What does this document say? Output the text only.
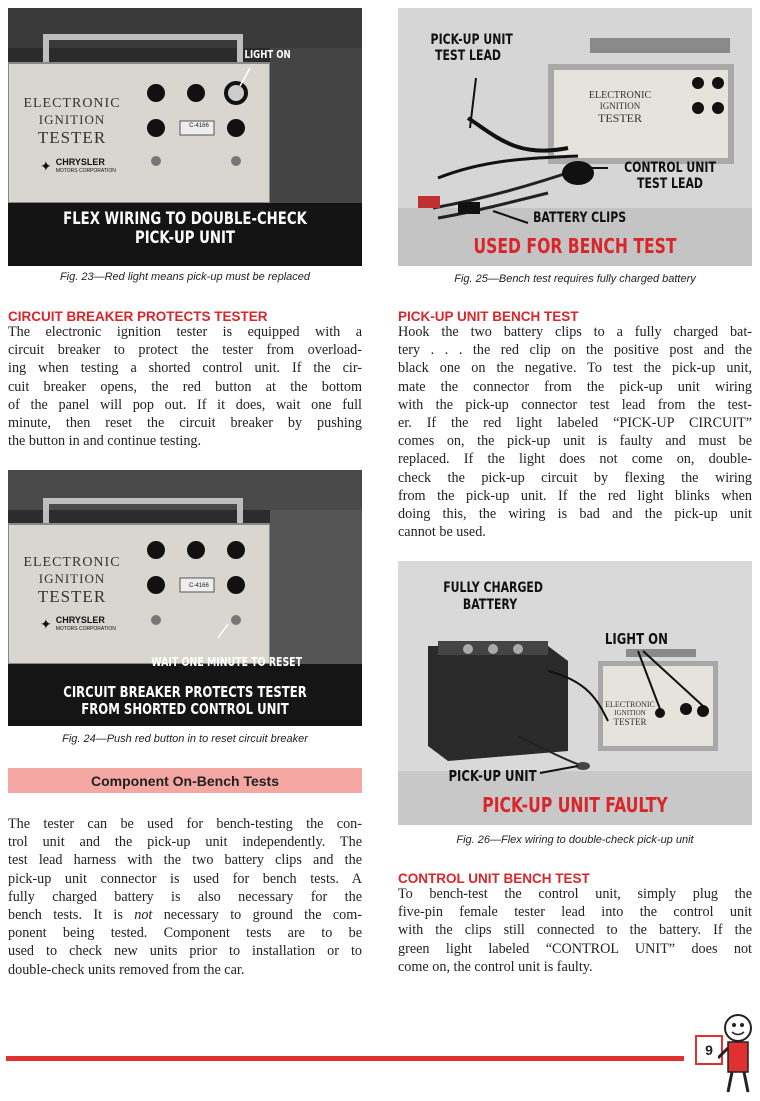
ELECTRONIC
IGNITION
TESTER
✦ CHRYSLER
MOTORS CORPORATION
C-4166
LIGHT ON
FLEX WIRING TO DOUBLE-CHECK
PICK-UP UNIT
Fig. 23—Red light means pick-up must be replaced
CIRCUIT BREAKER PROTECTS TESTER
The electronic ignition tester is equipped with a
circuit breaker to protect the tester from overload-
ing when testing a shorted control unit. If the cir-
cuit breaker opens, the red button at the bottom
of the panel will pop out. If it does, wait one full
minute, then reset the circuit breaker by pushing
the button in and continue testing.
ELECTRONIC
IGNITION
TESTER
✦ CHRYSLER
MOTORS CORPORATION
C-4166
WAIT ONE MINUTE TO RESET
CIRCUIT BREAKER PROTECTS TESTER
FROM SHORTED CONTROL UNIT
Fig. 24—Push red button in to reset circuit breaker
Component On-Bench Tests
The tester can be used for bench-testing the con-
trol unit and the pick-up unit independently. The
test lead harness with the two battery clips and the
pick-up unit connector is used for bench tests. A
fully charged battery is also necessary for the
bench tests. It is not necessary to ground the com-
ponent being tested. Component tests are to be
used to check new units prior to installation or to
double-check units removed from the car.
PICK-UP UNIT
TEST LEAD
ELECTRONIC
IGNITION
TESTER
CONTROL UNIT
TEST LEAD
BATTERY CLIPS
USED FOR BENCH TEST
Fig. 25—Bench test requires fully charged battery
PICK-UP UNIT BENCH TEST
Hook the two battery clips to a fully charged bat-
tery . . . the red clip on the positive post and the
black one on the negative. To test the pick-up unit,
mate the connector from the pick-up unit wiring
with the pick-up connector test lead from the test-
er. If the red light labeled “PICK-UP CIRCUIT”
comes on, the pick-up unit is faulty and must be
replaced. If the light does not come on, double-
check the pick-up circuit by flexing the wiring
from the pick-up unit. If the red light blinks when
doing this, the wiring is bad and the pick-up unit
cannot be used.
FULLY CHARGED
BATTERY
LIGHT ON
ELECTRONIC
IGNITION
TESTER
PICK-UP UNIT
PICK-UP UNIT FAULTY
Fig. 26—Flex wiring to double-check pick-up unit
CONTROL UNIT BENCH TEST
To bench-test the control unit, simply plug the
five-pin female tester lead into the control unit
with the clips still connected to the battery. If the
green light labeled “CONTROL UNIT” does not
come on, the control unit is faulty.
9
